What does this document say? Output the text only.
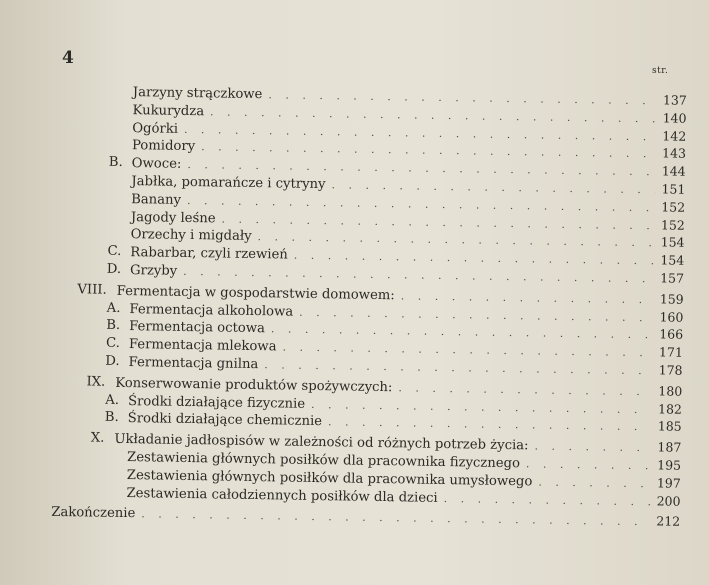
4
str.
Jarzyny strączkowe . . .	137
Kukurydza . . .	140
Ogórki . . .	142
Pomidory . . .	143
B. Owoce: . . .	144
Jabłka, pomarańcze i cytryny . . .	151
Banany . . .	152
Jagody leśne . . .	152
Orzechy i migdały . . .	154
C. Rabarbar, czyli rzewień . . .	154
D. Grzyby . . .	157
VIII. Fermentacja w gospodarstwie domowem: . . .	159
A. Fermentacja alkoholowa . . .	160
B. Fermentacja octowa . . .	166
C. Fermentacja mlekowa . . .	171
D. Fermentacja gnilna . . .	178
IX. Konserwowanie produktów spożywczych: . . .	180
A. Środki działające fizycznie . . .	182
B. Środki działające chemicznie . . .	185
X. Układanie jadłospisów w zależności od różnych potrzeb życia: . . .	187
Zestawienia głównych posiłków dla pracownika fizycznego . . .	195
Zestawienia głównych posiłków dla pracownika umysłowego . . .	197
Zestawienia całodziennych posiłków dla dzieci . . .	200
Zakończenie . . .	212
